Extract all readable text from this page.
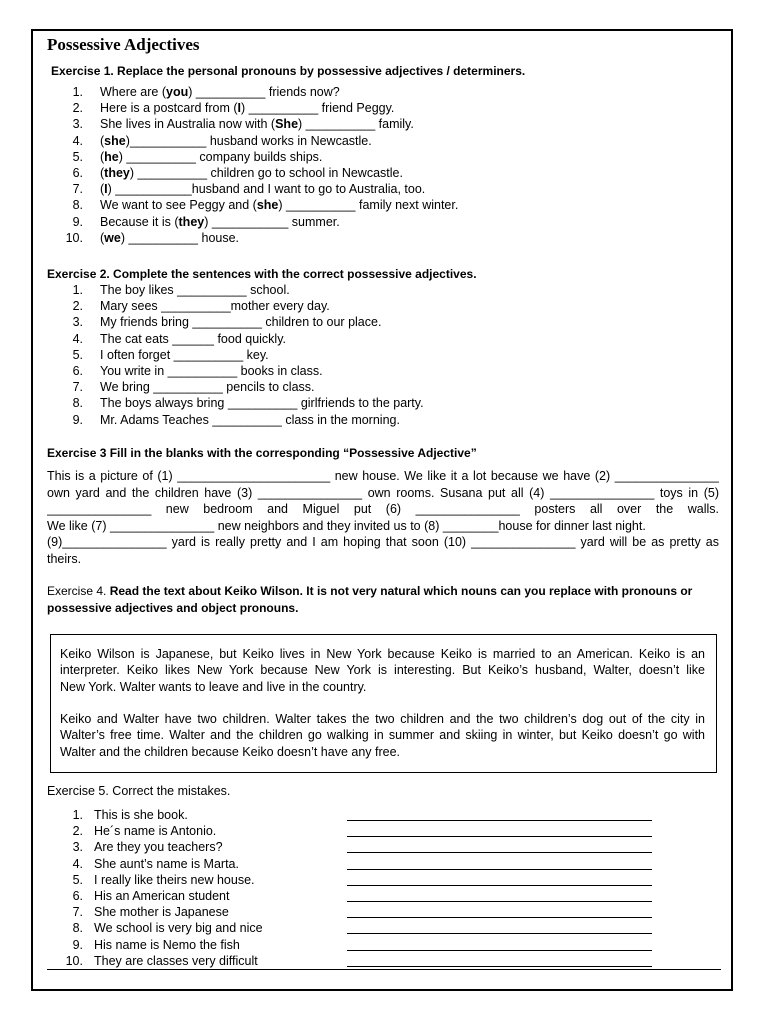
Possessive Adjectives
Exercise 1. Replace the personal pronouns by possessive adjectives / determiners.
1. Where are (you) __________ friends now?
2. Here is a postcard from (I) __________ friend Peggy.
3. She lives in Australia now with (She) __________ family.
4. (she)___________ husband works in Newcastle.
5. (he) __________ company builds ships.
6. (they) __________ children go to school in Newcastle.
7. (I) ___________husband and I want to go to Australia, too.
8. We want to see Peggy and (she) __________ family next winter.
9. Because it is (they) ___________ summer.
10. (we) __________ house.
Exercise 2. Complete the sentences with the correct possessive adjectives.
1. The boy likes __________ school.
2. Mary sees __________mother every day.
3. My friends bring __________ children to our place.
4. The cat eats ______ food quickly.
5. I often forget __________ key.
6. You write in __________ books in class.
7. We bring __________ pencils to class.
8. The boys always bring __________ girlfriends to the party.
9. Mr. Adams Teaches __________ class in the morning.
Exercise 3 Fill in the blanks with the corresponding “Possessive Adjective”
This is a picture of (1) ______________________ new house. We like it a lot because we have (2) _______________
own yard and the children have (3) _______________ own rooms. Susana put all (4) _______________ toys in (5)
_______________ new bedroom and Miguel put (6) _______________ posters all over the walls.
We like (7) _______________ new neighbors and they invited us to (8) ________house for dinner last night.
(9)_______________ yard is really pretty and I am hoping that soon (10) _______________ yard will be as pretty as
theirs.
Exercise 4. Read the text about Keiko Wilson. It is not very natural which nouns can you replace with pronouns or
possessive adjectives and object pronouns.
Keiko Wilson is Japanese, but Keiko lives in New York because Keiko is married to an American. Keiko is an
interpreter. Keiko likes New York because New York is interesting. But Keiko’s husband, Walter, doesn’t like
New York. Walter wants to leave and live in the country.
Keiko and Walter have two children. Walter takes the two children and the two children’s dog out of the city in
Walter’s free time. Walter and the children go walking in summer and skiing in winter, but Keiko doesn’t go with
Walter and the children because Keiko doesn’t have any free.
Exercise 5. Correct the mistakes.
1. This is she book.
2. He´s name is Antonio.
3. Are they you teachers?
4. She aunt’s name is Marta.
5. I really like theirs new house.
6. His an American student
7. She mother is Japanese
8. We school is very big and nice
9. His name is Nemo the fish
10. They are classes very difficult
